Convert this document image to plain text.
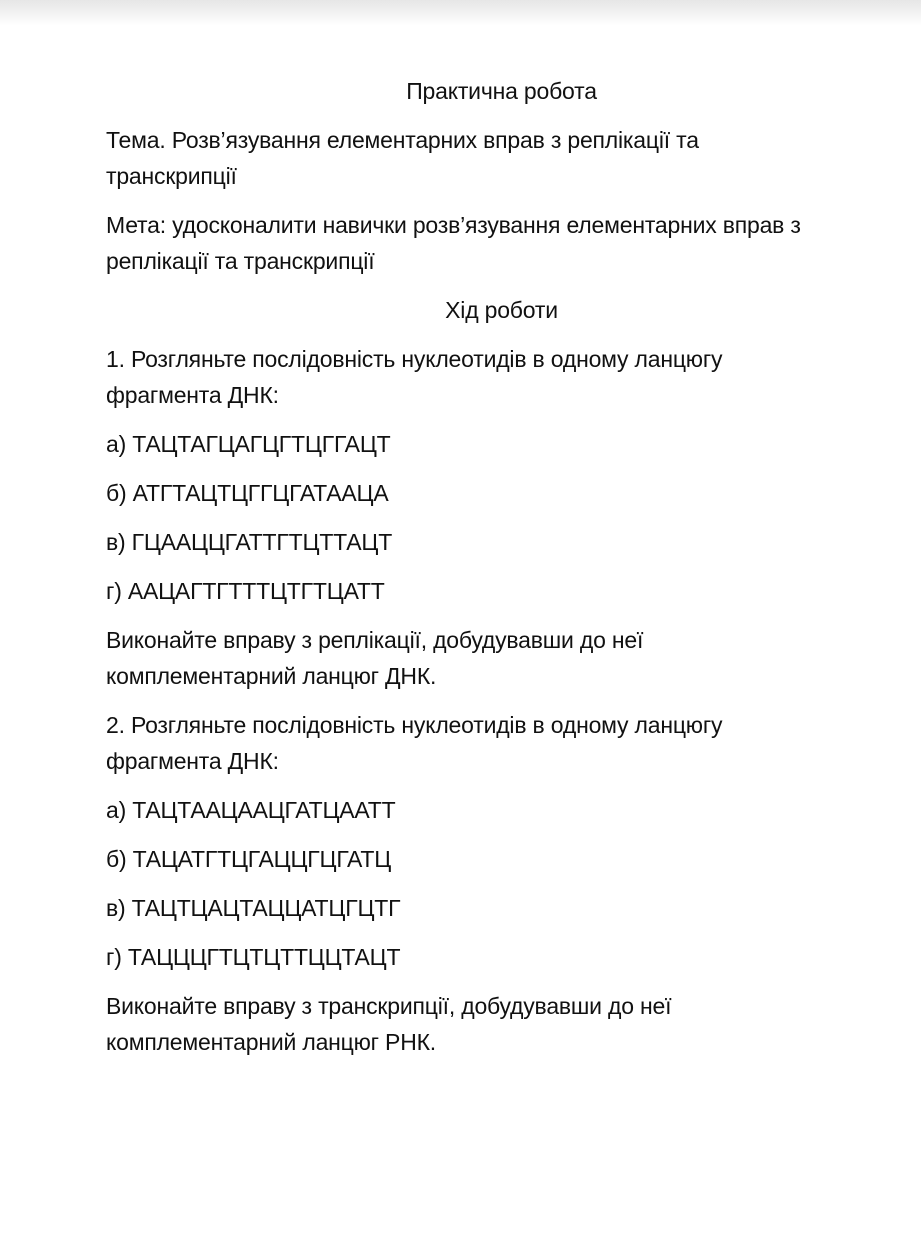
Практична робота
Тема. Розв’язування елементарних вправ з реплікації та
транскрипції
Мета: удосконалити навички розв’язування елементарних вправ з
реплікації та транскрипції
Хід роботи
1. Розгляньте послідовність нуклеотидів в одному ланцюгу
фрагмента ДНК:
а) ТАЦТАГЦАГЦГТЦГГАЦТ
б) АТГТАЦТЦГГЦГАТААЦА
в) ГЦААЦЦГАТТГТЦТТАЦТ
г) ААЦАГТГТТТЦТГТЦАТТ
Виконайте вправу з реплікації, добудувавши до неї
комплементарний ланцюг ДНК.
2. Розгляньте послідовність нуклеотидів в одному ланцюгу
фрагмента ДНК:
а) ТАЦТААЦААЦГАТЦААТТ
б) ТАЦАТГТЦГАЦЦГЦГАТЦ
в) ТАЦТЦАЦТАЦЦАТЦГЦТГ
г) ТАЦЦЦГТЦТЦТТЦЦТАЦТ
Виконайте вправу з транскрипції, добудувавши до неї
комплементарний ланцюг РНК.
